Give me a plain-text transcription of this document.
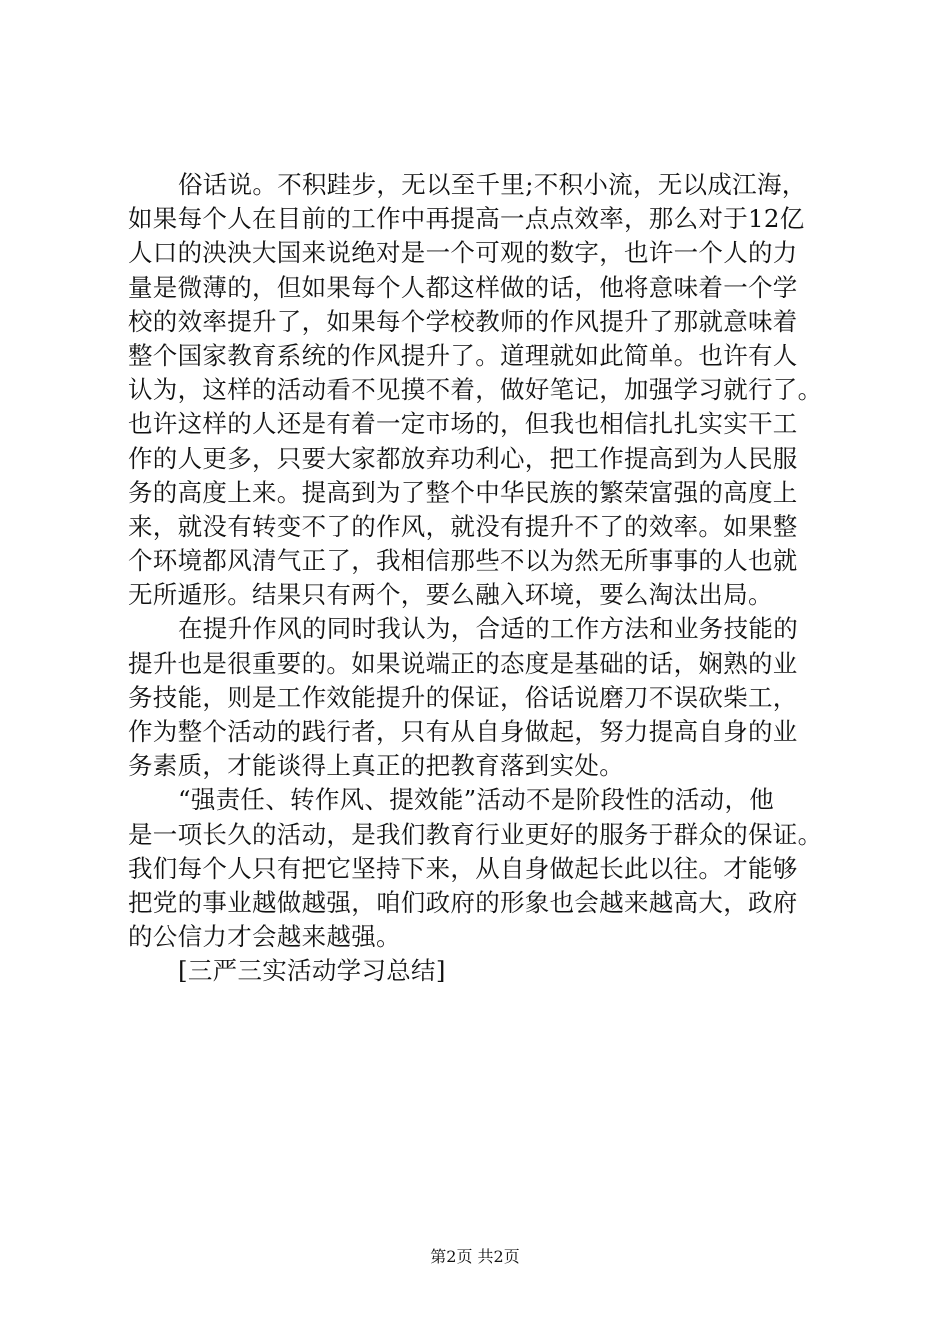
俗话说。不积跬步，无以至千里;不积小流，无以成江海，
如果每个人在目前的工作中再提高一点点效率，那么对于12亿
人口的泱泱大国来说绝对是一个可观的数字，也许一个人的力
量是微薄的，但如果每个人都这样做的话，他将意味着一个学
校的效率提升了，如果每个学校教师的作风提升了那就意味着
整个国家教育系统的作风提升了。道理就如此简单。也许有人
认为，这样的活动看不见摸不着，做好笔记，加强学习就行了。
也许这样的人还是有着一定市场的，但我也相信扎扎实实干工
作的人更多，只要大家都放弃功利心，把工作提高到为人民服
务的高度上来。提高到为了整个中华民族的繁荣富强的高度上
来，就没有转变不了的作风，就没有提升不了的效率。如果整
个环境都风清气正了，我相信那些不以为然无所事事的人也就
无所遁形。结果只有两个，要么融入环境，要么淘汰出局。
在提升作风的同时我认为，合适的工作方法和业务技能的
提升也是很重要的。如果说端正的态度是基础的话，娴熟的业
务技能，则是工作效能提升的保证，俗话说磨刀不误砍柴工，
作为整个活动的践行者，只有从自身做起，努力提高自身的业
务素质，才能谈得上真正的把教育落到实处。
“强责任、转作风、提效能”活动不是阶段性的活动，他
是一项长久的活动，是我们教育行业更好的服务于群众的保证。
我们每个人只有把它坚持下来，从自身做起长此以往。才能够
把党的事业越做越强，咱们政府的形象也会越来越高大，政府
的公信力才会越来越强。
[三严三实活动学习总结]
第2页 共2页
